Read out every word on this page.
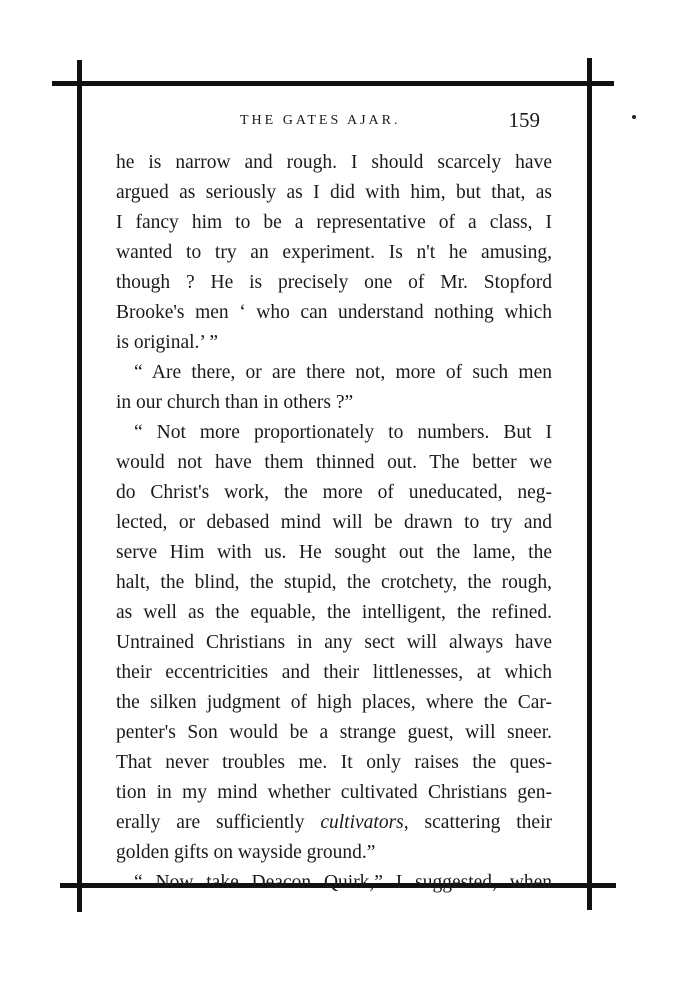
THE GATES AJAR.	159
he is narrow and rough. I should scarcely have
argued as seriously as I did with him, but that, as
I fancy him to be a representative of a class, I
wanted to try an experiment. Is n't he amusing,
though ? He is precisely one of Mr. Stopford
Brooke's men ‘ who can understand nothing which
is original.’ ”
“ Are there, or are there not, more of such men
in our church than in others ?”
“ Not more proportionately to numbers. But I
would not have them thinned out. The better we
do Christ's work, the more of uneducated, neg-
lected, or debased mind will be drawn to try and
serve Him with us. He sought out the lame, the
halt, the blind, the stupid, the crotchety, the rough,
as well as the equable, the intelligent, the refined.
Untrained Christians in any sect will always have
their eccentricities and their littlenesses, at which
the silken judgment of high places, where the Car-
penter's Son would be a strange guest, will sneer.
That never troubles me. It only raises the ques-
tion in my mind whether cultivated Christians gen-
erally are sufficiently cultivators, scattering their
golden gifts on wayside ground.”
“ Now take Deacon Quirk,” I suggested, when
